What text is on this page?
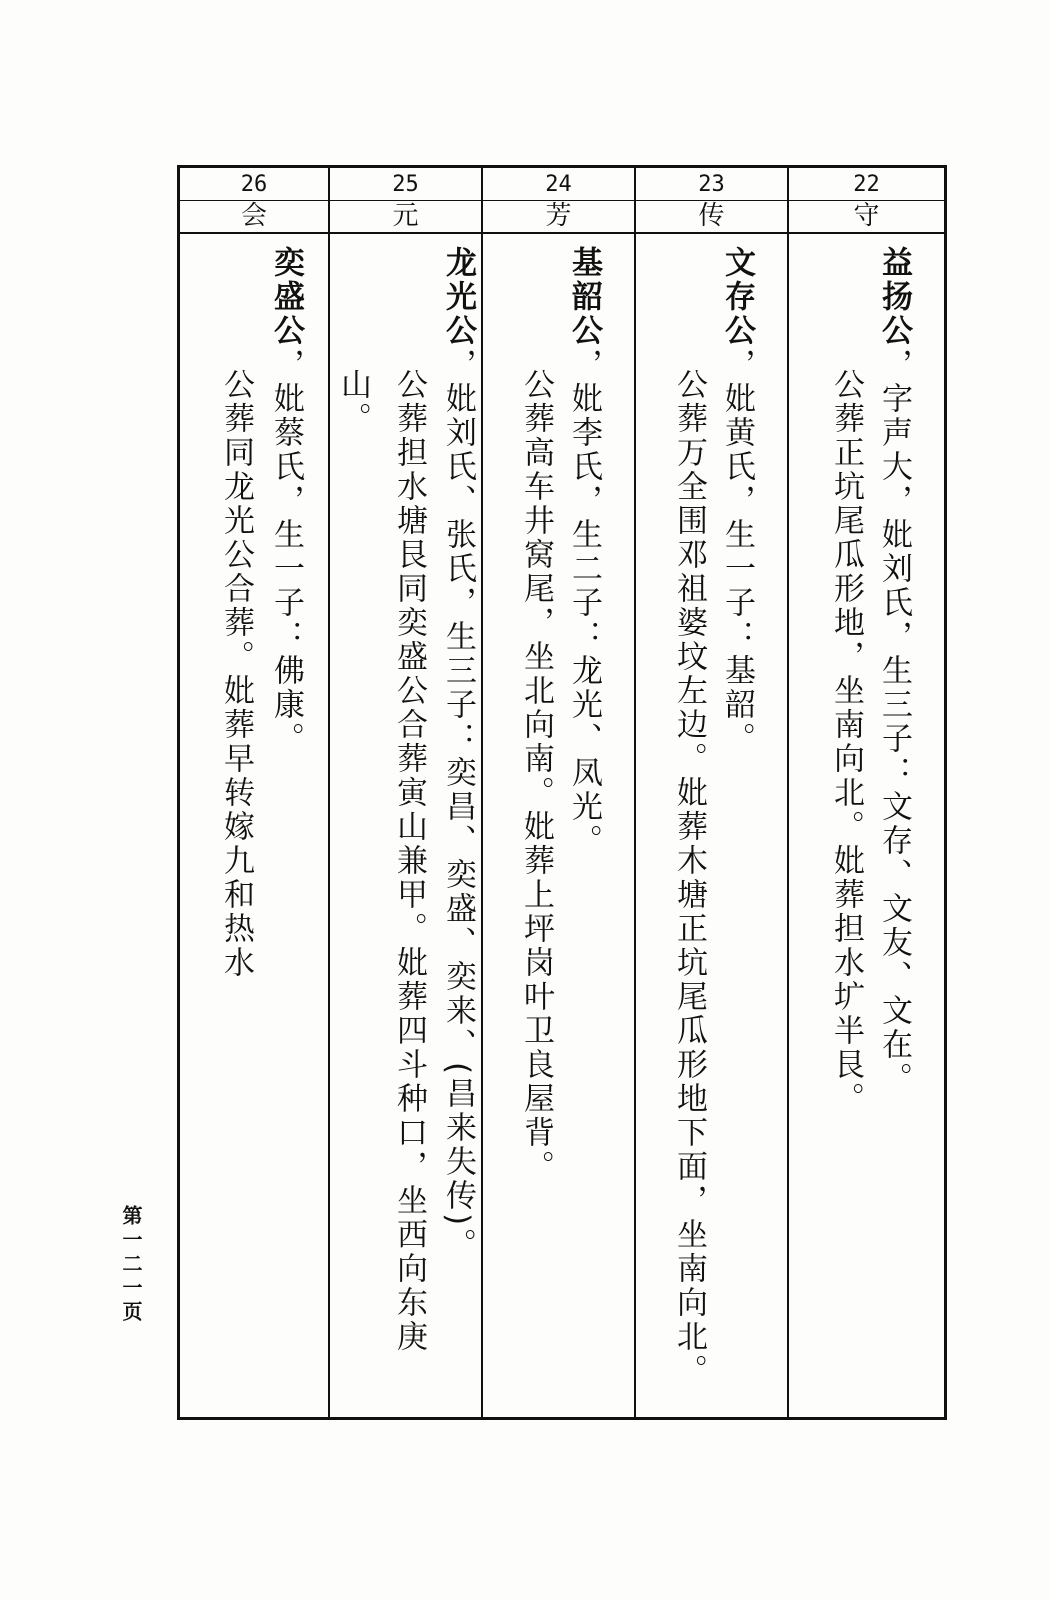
22
守
益扬公，字声大，妣刘氏，生三子：文存、文友、文在。
公葬正坑尾瓜形地，坐南向北。妣葬担水圹半艮。
23
传
文存公，妣黄氏，生一子：基韶。
公葬万全围邓祖婆坟左边。妣葬木塘正坑尾瓜形地下面，坐南向北。
24
芳
基韶公，妣李氏，生二子：龙光、凤光。
公葬高车井窝尾，坐北向南。妣葬上坪岗叶卫良屋背。
25
元
龙光公，妣刘氏、张氏，生三子：奕昌、奕盛、奕来、(昌来失传)。
公葬担水塘艮同奕盛公合葬寅山兼甲。妣葬四斗种口，坐西向东庚
山。
26
会
奕盛公，妣蔡氏，生一子：佛康。
公葬同龙光公合葬。妣葬早转嫁九和热水
第一二一页
